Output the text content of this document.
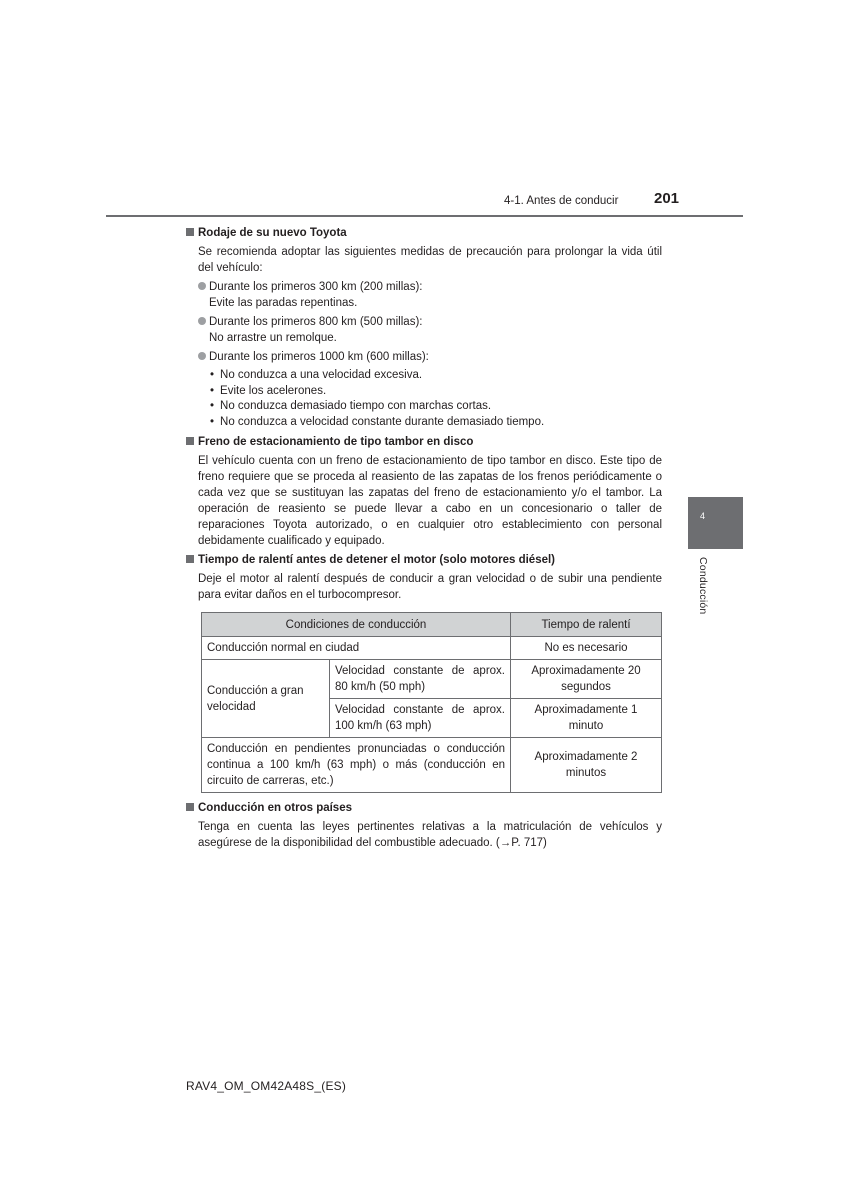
4-1. Antes de conducir 201
4
Conducción

Rodaje de su nuevo Toyota

Se recomienda adoptar las siguientes medidas de precaución para prolongar la vida útil del vehículo:

Durante los primeros 300 km (200 millas):
Evite las paradas repentinas.
Durante los primeros 800 km (500 millas):
No arrastre un remolque.
Durante los primeros 1000 km (600 millas):
• No conduzca a una velocidad excesiva.
• Evite los acelerones.
• No conduzca demasiado tiempo con marchas cortas.
• No conduzca a velocidad constante durante demasiado tiempo.

Freno de estacionamiento de tipo tambor en disco

El vehículo cuenta con un freno de estacionamiento de tipo tambor en disco. Este tipo de freno requiere que se proceda al reasiento de las zapatas de los frenos periódicamente o cada vez que se sustituyan las zapatas del freno de estacionamiento y/o el tambor. La operación de reasiento se puede llevar a cabo en un concesionario o taller de reparaciones Toyota autorizado, o en cualquier otro establecimiento con personal debidamente cualificado y equipado.

Tiempo de ralentí antes de detener el motor (solo motores diésel)

Deje el motor al ralentí después de conducir a gran velocidad o de subir una pendiente para evitar daños en el turbocompresor.

Condiciones de conducción		Tiempo de ralentí
Conducción normal en ciudad		No es necesario
Conducción a gran velocidad	Velocidad constante de aprox. 80 km/h (50 mph)	Aproximadamente 20 segundos
	Velocidad constante de aprox. 100 km/h (63 mph)	Aproximadamente 1 minuto
Conducción en pendientes pronunciadas o conducción continua a 100 km/h (63 mph) o más (conducción en circuito de carreras, etc.)		Aproximadamente 2 minutos

Conducción en otros países

Tenga en cuenta las leyes pertinentes relativas a la matriculación de vehículos y asegúrese de la disponibilidad del combustible adecuado. (→P. 717)

RAV4_OM_OM42A48S_(ES)
